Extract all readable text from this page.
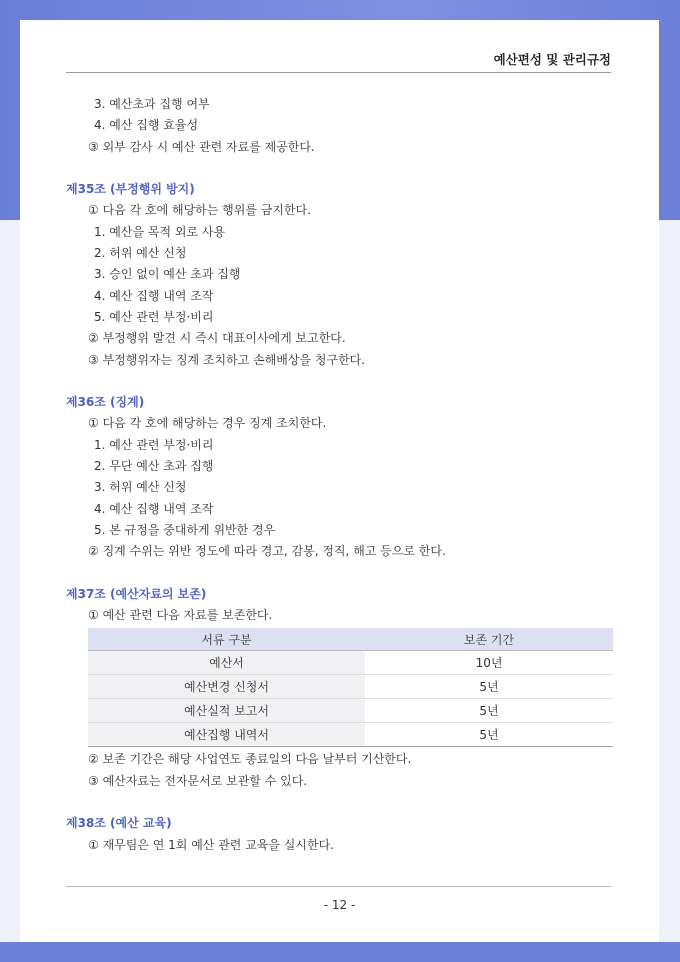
예산편성 및 관리규정
3. 예산초과 집행 여부
4. 예산 집행 효율성
③ 외부 감사 시 예산 관련 자료를 제공한다.
제35조 (부정행위 방지)
① 다음 각 호에 해당하는 행위를 금지한다.
1. 예산을 목적 외로 사용
2. 허위 예산 신청
3. 승인 없이 예산 초과 집행
4. 예산 집행 내역 조작
5. 예산 관련 부정·비리
② 부정행위 발견 시 즉시 대표이사에게 보고한다.
③ 부정행위자는 징계 조치하고 손해배상을 청구한다.
제36조 (징계)
① 다음 각 호에 해당하는 경우 징계 조치한다.
1. 예산 관련 부정·비리
2. 무단 예산 초과 집행
3. 허위 예산 신청
4. 예산 집행 내역 조작
5. 본 규정을 중대하게 위반한 경우
② 징계 수위는 위반 정도에 따라 경고, 감봉, 정직, 해고 등으로 한다.
제37조 (예산자료의 보존)
① 예산 관련 다음 자료를 보존한다.
서류 구분	보존 기간
예산서	10년
예산변경 신청서	5년
예산실적 보고서	5년
예산집행 내역서	5년
② 보존 기간은 해당 사업연도 종료일의 다음 날부터 기산한다.
③ 예산자료는 전자문서로 보관할 수 있다.
제38조 (예산 교육)
① 재무팀은 연 1회 예산 관련 교육을 실시한다.
- 12 -
